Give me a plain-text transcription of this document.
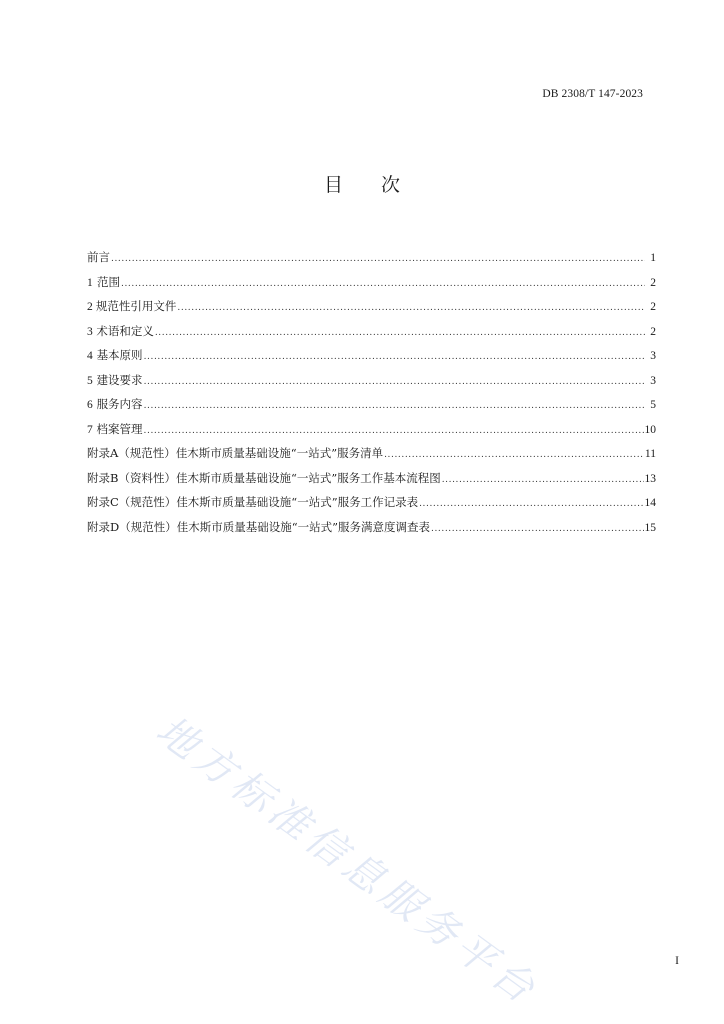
DB 2308/T 147-2023
目 次
前言 .....	1
1 范围 .....	2
2 规范性引用文件 .....	2
3 术语和定义 .....	2
4 基本原则 .....	3
5 建设要求 .....	3
6 服务内容 .....	5
7 档案管理 .....	10
附录A（规范性） 佳木斯市质量基础设施“一站式”服务清单 .....	11
附录B（资料性） 佳木斯市质量基础设施“一站式”服务工作基本流程图 .....	13
附录C（规范性） 佳木斯市质量基础设施“一站式”服务工作记录表 .....	14
附录D（规范性） 佳木斯市质量基础设施“一站式”服务满意度调查表 .....	15
地方标准信息服务平台	I
